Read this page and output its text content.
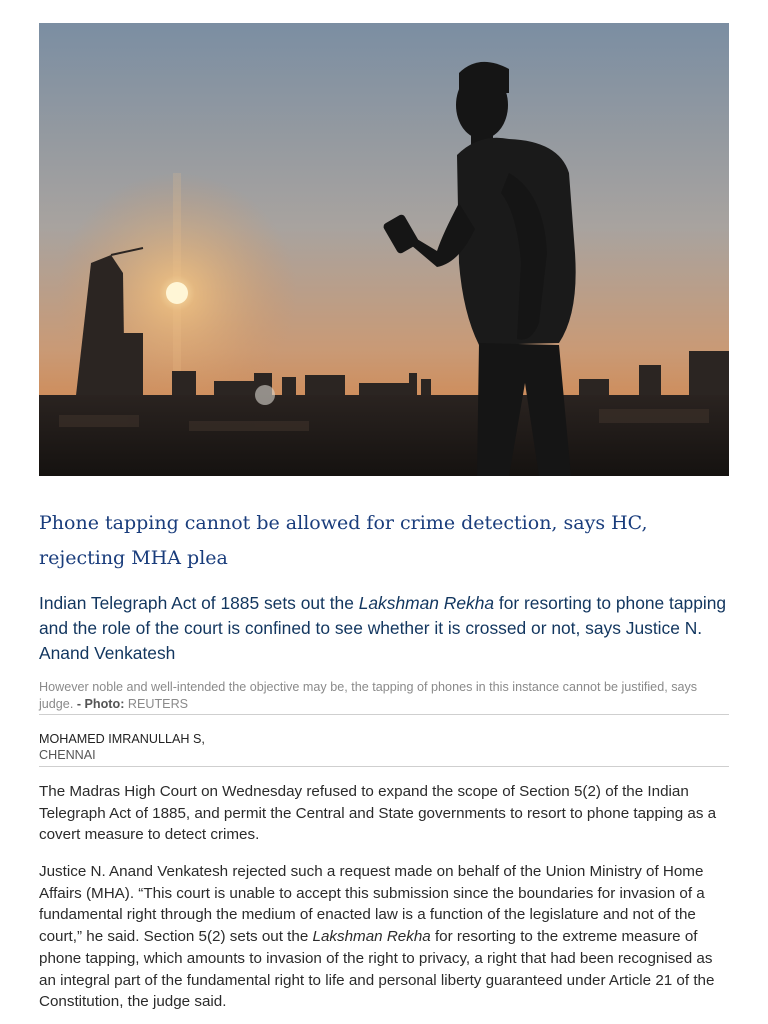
Phone tapping cannot be allowed for crime detection, says HC, rejecting MHA plea

Indian Telegraph Act of 1885 sets out the Lakshman Rekha for resorting to phone tapping and the role of the court is confined to see whether it is crossed or not, says Justice N. Anand Venkatesh

However noble and well-intended the objective may be, the tapping of phones in this instance cannot be justified, says judge. - Photo: REUTERS

MOHAMED IMRANULLAH S,
CHENNAI

The Madras High Court on Wednesday refused to expand the scope of Section 5(2) of the Indian Telegraph Act of 1885, and permit the Central and State governments to resort to phone tapping as a covert measure to detect crimes.

Justice N. Anand Venkatesh rejected such a request made on behalf of the Union Ministry of Home Affairs (MHA). “This court is unable to accept this submission since the boundaries for invasion of a fundamental right through the medium of enacted law is a function of the legislature and not of the court,” he said. Section 5(2) sets out the Lakshman Rekha for resorting to the extreme measure of phone tapping, which amounts to invasion of the right to privacy, a right that had been recognised as an integral part of the fundamental right to life and personal liberty guaranteed under Article 21 of the Constitution, the judge said.
